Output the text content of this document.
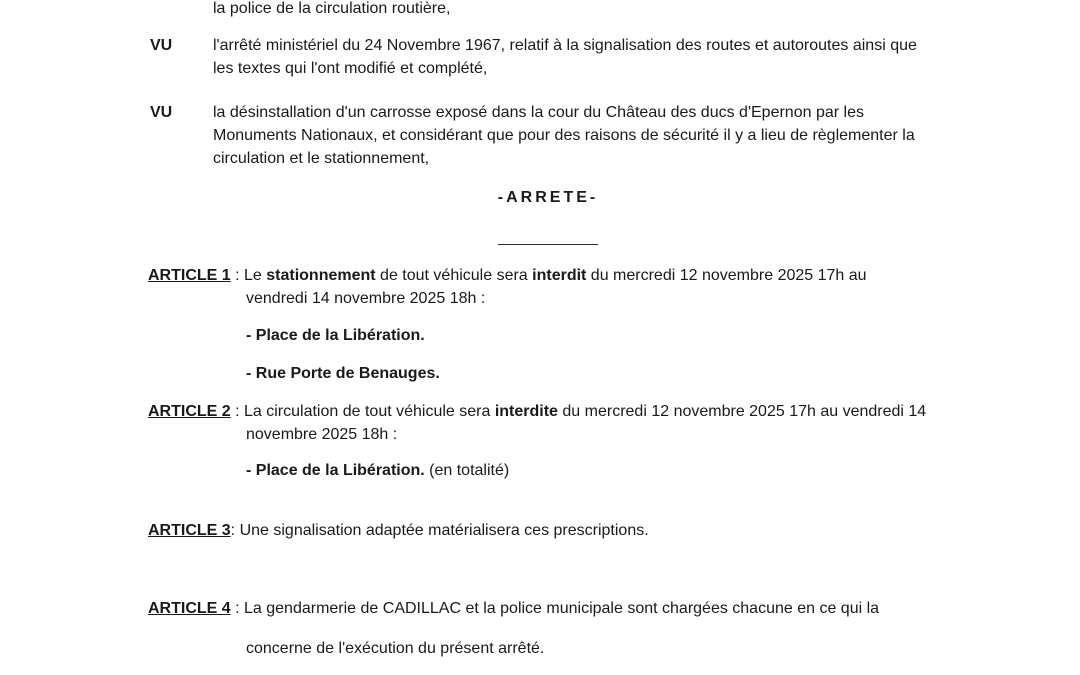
la police de la circulation routière,
VU	l'arrêté ministériel du 24 Novembre 1967, relatif à la signalisation des routes et autoroutes ainsi que
les textes qui l'ont modifié et complété,
VU	la désinstallation d'un carrosse exposé dans la cour du Château des ducs d'Epernon par les
Monuments Nationaux, et considérant que pour des raisons de sécurité il y a lieu de règlementer la
circulation et le stationnement,
-ARRETE-
ARTICLE 1 : Le stationnement de tout véhicule sera interdit du mercredi 12 novembre 2025 17h au
vendredi 14 novembre 2025 18h :
- Place de la Libération.
- Rue Porte de Benauges.
ARTICLE 2 : La circulation de tout véhicule sera interdite du mercredi 12 novembre 2025 17h au vendredi 14
novembre 2025 18h :
- Place de la Libération. (en totalité)
ARTICLE 3: Une signalisation adaptée matérialisera ces prescriptions.
ARTICLE 4 : La gendarmerie de CADILLAC et la police municipale sont chargées chacune en ce qui la
concerne de l'exécution du présent arrêté.
